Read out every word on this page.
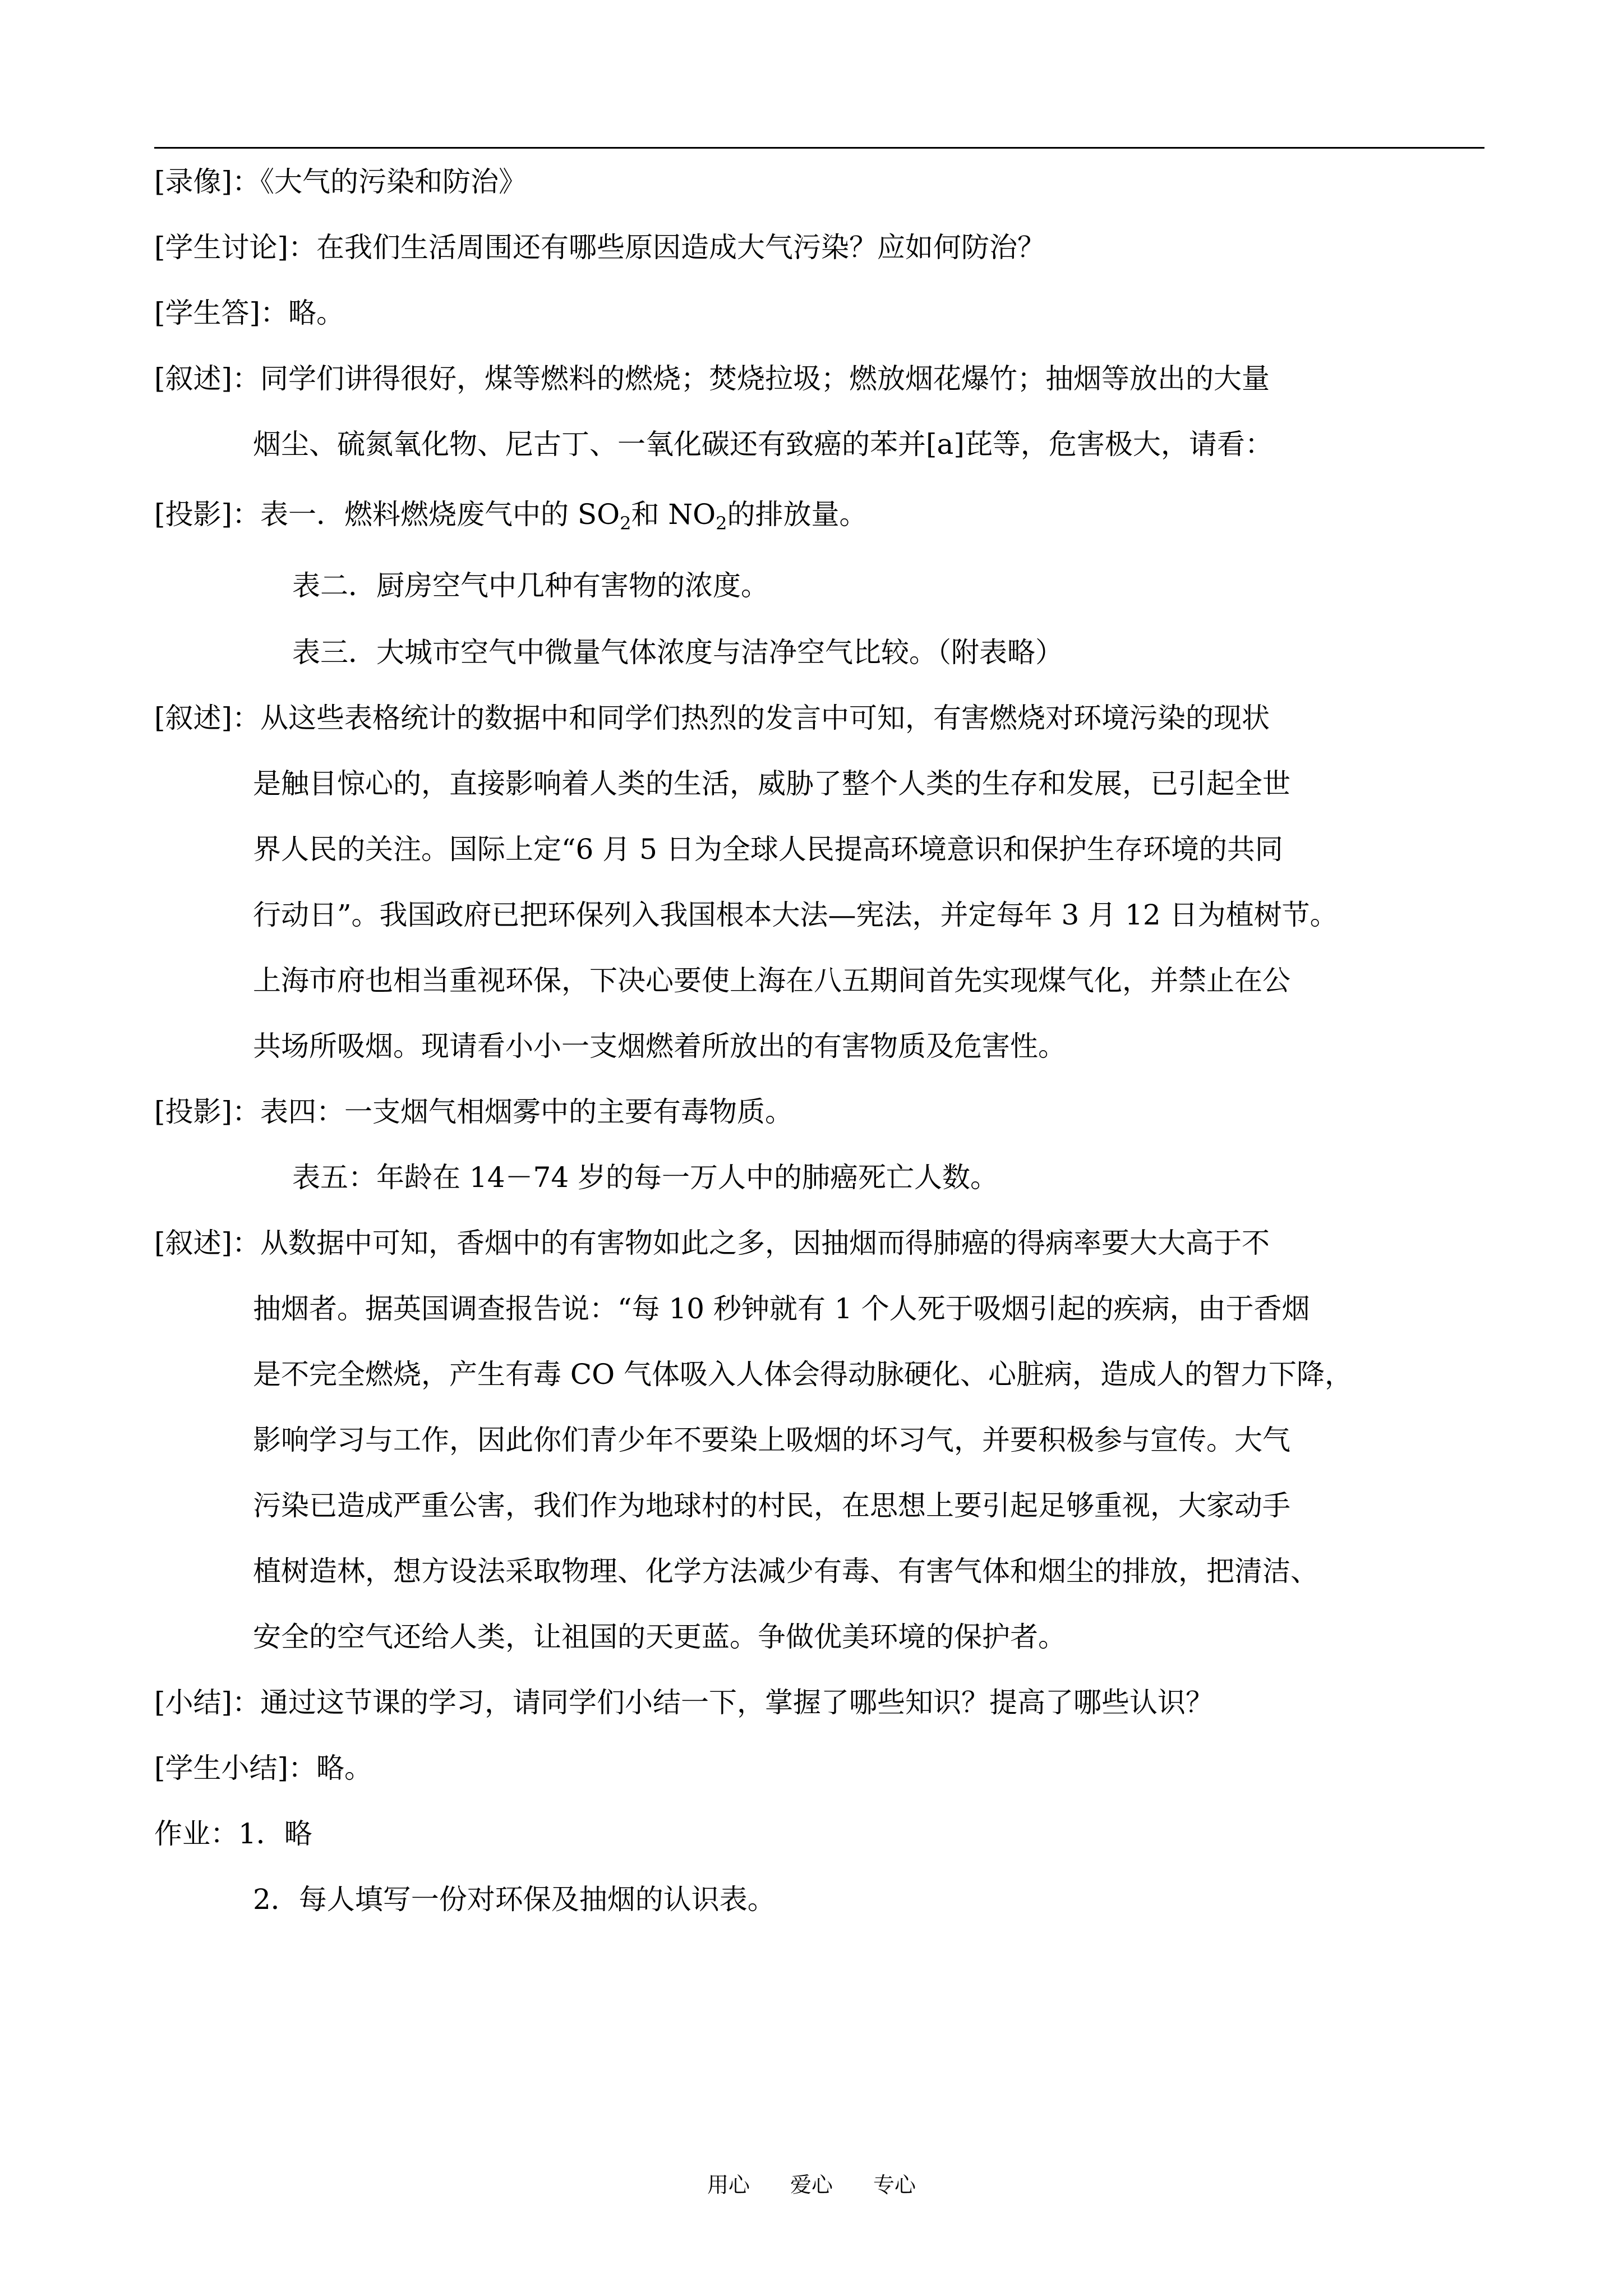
[录像]：《大气的污染和防治》
[学生讨论]：在我们生活周围还有哪些原因造成大气污染？应如何防治？
[学生答]：略。
[叙述]：同学们讲得很好，煤等燃料的燃烧；焚烧拉圾；燃放烟花爆竹；抽烟等放出的大量
烟尘、硫氮氧化物、尼古丁、一氧化碳还有致癌的苯并[a]芘等，危害极大，请看：
[投影]：表一．燃料燃烧废气中的 $SO_2$和 $NO_2$的排放量。
表二．厨房空气中几种有害物的浓度。
表三．大城市空气中微量气体浓度与洁净空气比较。（附表略）
[叙述]：从这些表格统计的数据中和同学们热烈的发言中可知，有害燃烧对环境污染的现状
是触目惊心的，直接影响着人类的生活，威胁了整个人类的生存和发展，已引起全世
界人民的关注。国际上定“6 月 5 日为全球人民提高环境意识和保护生存环境的共同
行动日”。我国政府已把环保列入我国根本大法—宪法，并定每年 3 月 12 日为植树节。
上海市府也相当重视环保，下决心要使上海在八五期间首先实现煤气化，并禁止在公
共场所吸烟。现请看小小一支烟燃着所放出的有害物质及危害性。
[投影]：表四：一支烟气相烟雾中的主要有毒物质。
表五：年龄在 14－74 岁的每一万人中的肺癌死亡人数。
[叙述]：从数据中可知，香烟中的有害物如此之多，因抽烟而得肺癌的得病率要大大高于不
抽烟者。据英国调查报告说：“每 10 秒钟就有 1 个人死于吸烟引起的疾病，由于香烟
是不完全燃烧，产生有毒 CO 气体吸入人体会得动脉硬化、心脏病，造成人的智力下降，
影响学习与工作，因此你们青少年不要染上吸烟的坏习气，并要积极参与宣传。大气
污染已造成严重公害，我们作为地球村的村民，在思想上要引起足够重视，大家动手
植树造林，想方设法采取物理、化学方法减少有毒、有害气体和烟尘的排放，把清洁、
安全的空气还给人类，让祖国的天更蓝。争做优美环境的保护者。
[小结]：通过这节课的学习，请同学们小结一下，掌握了哪些知识？提高了哪些认识？
[学生小结]：略。
作业：1．略
2．每人填写一份对环保及抽烟的认识表。
用心 爱心 专心
